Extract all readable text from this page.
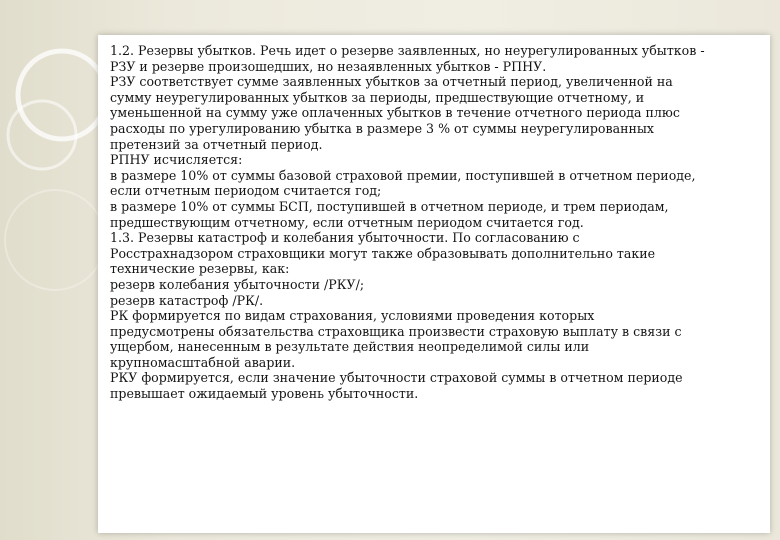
1.2. Резервы убытков. Речь идет о резерве заявленных, но неурегулированных убытков -
РЗУ и резерве произошедших, но незаявленных убытков - РПНУ.
РЗУ соответствует сумме заявленных убытков за отчетный период, увеличенной на
сумму неурегулированных убытков за периоды, предшествующие отчетному, и
уменьшенной на сумму уже оплаченных убытков в течение отчетного периода плюс
расходы по урегулированию убытка в размере 3 % от суммы неурегулированных
претензий за отчетный период.
РПНУ исчисляется:
в размере 10% от суммы базовой страховой премии, поступившей в отчетном периоде,
если отчетным периодом считается год;
в размере 10% от суммы БСП, поступившей в отчетном периоде, и трем периодам,
предшествующим отчетному, если отчетным периодом считается год.
1.3. Резервы катастроф и колебания убыточности. По согласованию с
Росстрахнадзором страховщики могут также образовывать дополнительно такие
технические резервы, как:
резерв колебания убыточности /РКУ/;
резерв катастроф /РК/.
РК формируется по видам страхования, условиями проведения которых
предусмотрены обязательства страховщика произвести страховую выплату в связи с
ущербом, нанесенным в результате действия неопределимой силы или
крупномасштабной аварии.
РКУ формируется, если значение убыточности страховой суммы в отчетном периоде
превышает ожидаемый уровень убыточности.
